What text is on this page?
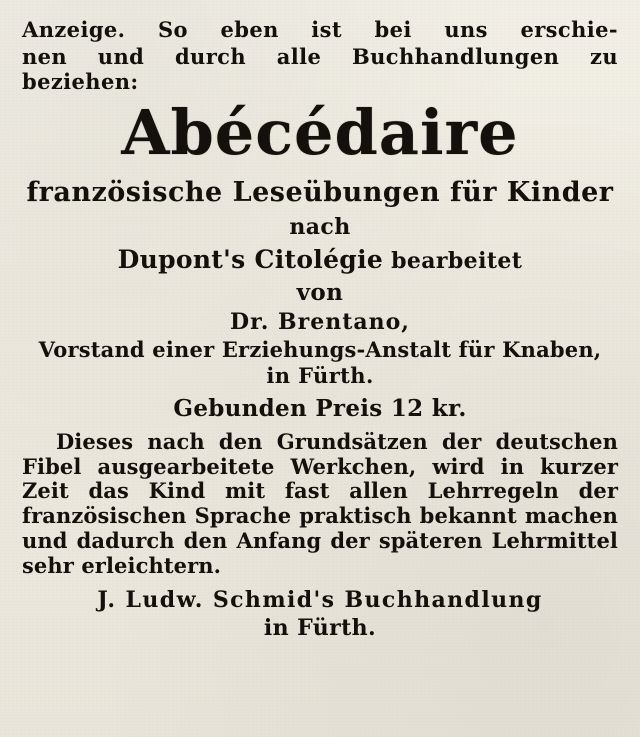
Anzeige. So eben ist bei uns erschie-

nen und durch alle Buchhandlungen zu beziehen:

Abécédaire

französische Leseübungen für Kinder

nach

Dupont's Citolégie bearbeitet

von

Dr. Brentano,

Vorstand einer Erziehungs-Anstalt für Knaben,

in Fürth.

Gebunden Preis 12 kr.

Dieses nach den Grundsätzen der deutschen

Fibel ausgearbeitete Werkchen, wird in kurzer

Zeit das Kind mit fast allen Lehrregeln der

französischen Sprache praktisch bekannt machen

und dadurch den Anfang der späteren Lehrmittel

sehr erleichtern.

J. Ludw. Schmid's Buchhandlung

in Fürth.
